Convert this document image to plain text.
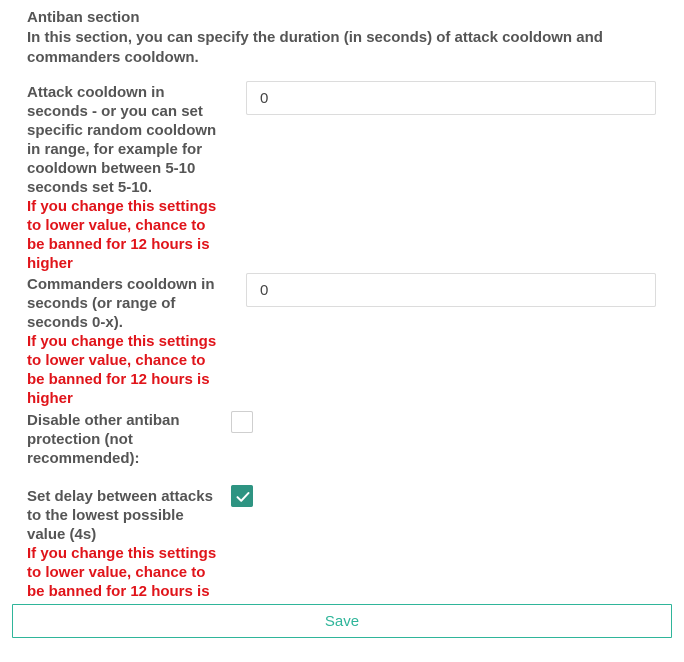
Antiban section
In this section, you can specify the duration (in seconds) of attack cooldown and commanders cooldown.
Attack cooldown in seconds - or you can set specific random cooldown in range, for example for cooldown between 5-10 seconds set 5-10.
If you change this settings to lower value, chance to be banned for 12 hours is higher
0
Commanders cooldown in seconds (or range of seconds 0-x).
If you change this settings to lower value, chance to be banned for 12 hours is higher
0
Disable other antiban protection (not recommended):
Set delay between attacks to the lowest possible value (4s)
If you change this settings to lower value, chance to be banned for 12 hours is
Save
